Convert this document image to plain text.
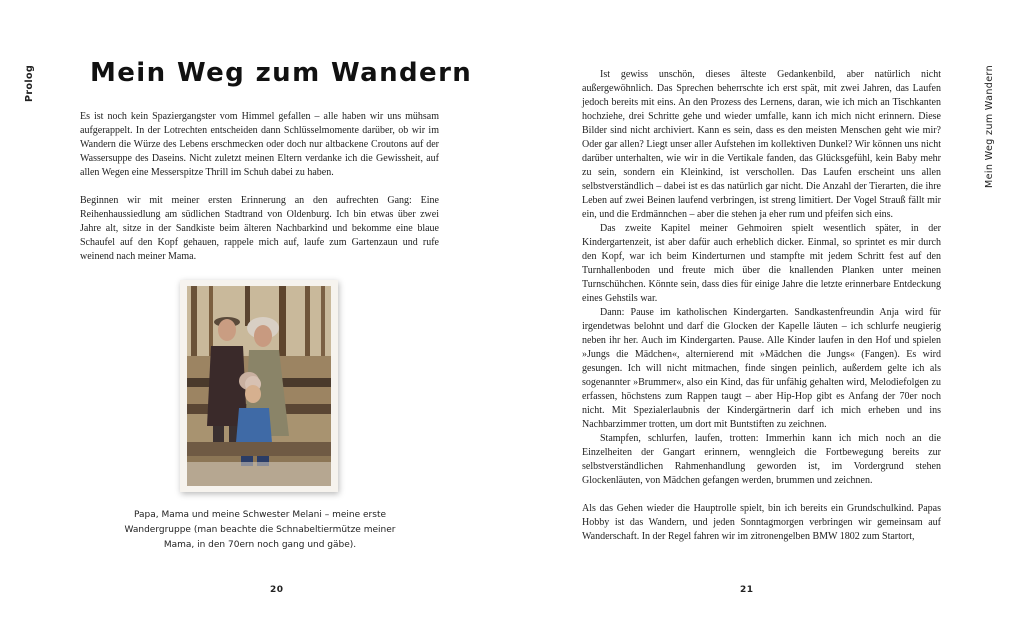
Prolog Mein Weg zum Wandern

Es ist noch kein Spaziergangster vom Himmel gefallen – alle haben wir uns mühsam aufgerappelt. In der Lotrechten entscheiden dann Schlüsselmomente darüber, ob wir im Wandern die Würze des Lebens erschmecken oder doch nur altbackene Croutons auf der Wassersuppe des Daseins. Nicht zuletzt meinen Eltern verdanke ich die Gewissheit, auf allen Wegen eine Messerspitze Thrill im Schuh dabei zu haben.

Beginnen wir mit meiner ersten Erinnerung an den aufrechten Gang: Eine Reihenhaussiedlung am südlichen Stadtrand von Oldenburg. Ich bin etwas über zwei Jahre alt, sitze in der Sandkiste beim älteren Nachbarkind und bekomme eine blaue Schaufel auf den Kopf gehauen, rappele mich auf, laufe zum Gartenzaun und rufe weinend nach meiner Mama.

Papa, Mama und meine Schwester Melani – meine erste Wandergruppe (man beachte die Schnabeltiermütze meiner Mama, in den 70ern noch gang und gäbe).

20

Ist gewiss unschön, dieses älteste Gedankenbild, aber natürlich nicht außergewöhnlich. Das Sprechen beherrschte ich erst spät, mit zwei Jahren, das Laufen jedoch bereits mit eins. An den Prozess des Lernens, daran, wie ich mich an Tischkanten hochziehe, drei Schritte gehe und wieder umfalle, kann ich mich nicht erinnern. Diese Bilder sind nicht archiviert. Kann es sein, dass es den meisten Menschen geht wie mir? Oder gar allen? Liegt unser aller Aufstehen im kollektiven Dunkel? Wir können uns nicht darüber unterhalten, wie wir in die Vertikale fanden, das Glücksgefühl, kein Baby mehr zu sein, sondern ein Kleinkind, ist verschollen. Das Laufen erscheint uns allen selbstverständlich – dabei ist es das natürlich gar nicht. Die Anzahl der Tierarten, die ihre Leben auf zwei Beinen laufend verbringen, ist streng limitiert. Der Vogel Strauß fällt mir ein, und die Erdmännchen – aber die stehen ja eher rum und pfeifen sich eins.

Das zweite Kapitel meiner Gehmoiren spielt wesentlich später, in der Kindergartenzeit, ist aber dafür auch erheblich dicker. Einmal, so sprintet es mir durch den Kopf, war ich beim Kinderturnen und stampfte mit jedem Schritt fest auf den Turnhallenboden und freute mich über die knallenden Planken unter meinen Turnschühchen. Könnte sein, dass dies für einige Jahre die letzte erinnerbare Entdeckung eines Gehstils war.

Dann: Pause im katholischen Kindergarten. Sandkastenfreundin Anja wird für irgendetwas belohnt und darf die Glocken der Kapelle läuten – ich schlurfe neugierig neben ihr her. Auch im Kindergarten. Pause. Alle Kinder laufen in den Hof und spielen »Jungs die Mädchen«, alternierend mit »Mädchen die Jungs« (Fangen). Es wird gesungen. Ich will nicht mitmachen, finde singen peinlich, außerdem gelte ich als sogenannter »Brummer«, also ein Kind, das für unfähig gehalten wird, Melodiefolgen zu erfassen, höchstens zum Rappen taugt – aber Hip-Hop gibt es Anfang der 70er noch nicht. Mit Spezialerlaubnis der Kindergärtnerin darf ich mich erheben und ins Nachbarzimmer trotten, um dort mit Buntstiften zu zeichnen.

Stampfen, schlurfen, laufen, trotten: Immerhin kann ich mich noch an die Einzelheiten der Gangart erinnern, wenngleich die Fortbewegung bereits zur selbstverständlichen Rahmenhandlung geworden ist, im Vordergrund stehen Glockenläuten, von Mädchen gefangen werden, brummen und zeichnen.

Als das Gehen wieder die Hauptrolle spielt, bin ich bereits ein Grundschulkind. Papas Hobby ist das Wandern, und jeden Sonntagmorgen verbringen wir gemeinsam auf Wanderschaft. In der Regel fahren wir im zitronengelben BMW 1802 zum Startort,

Mein Weg zum Wandern
21
